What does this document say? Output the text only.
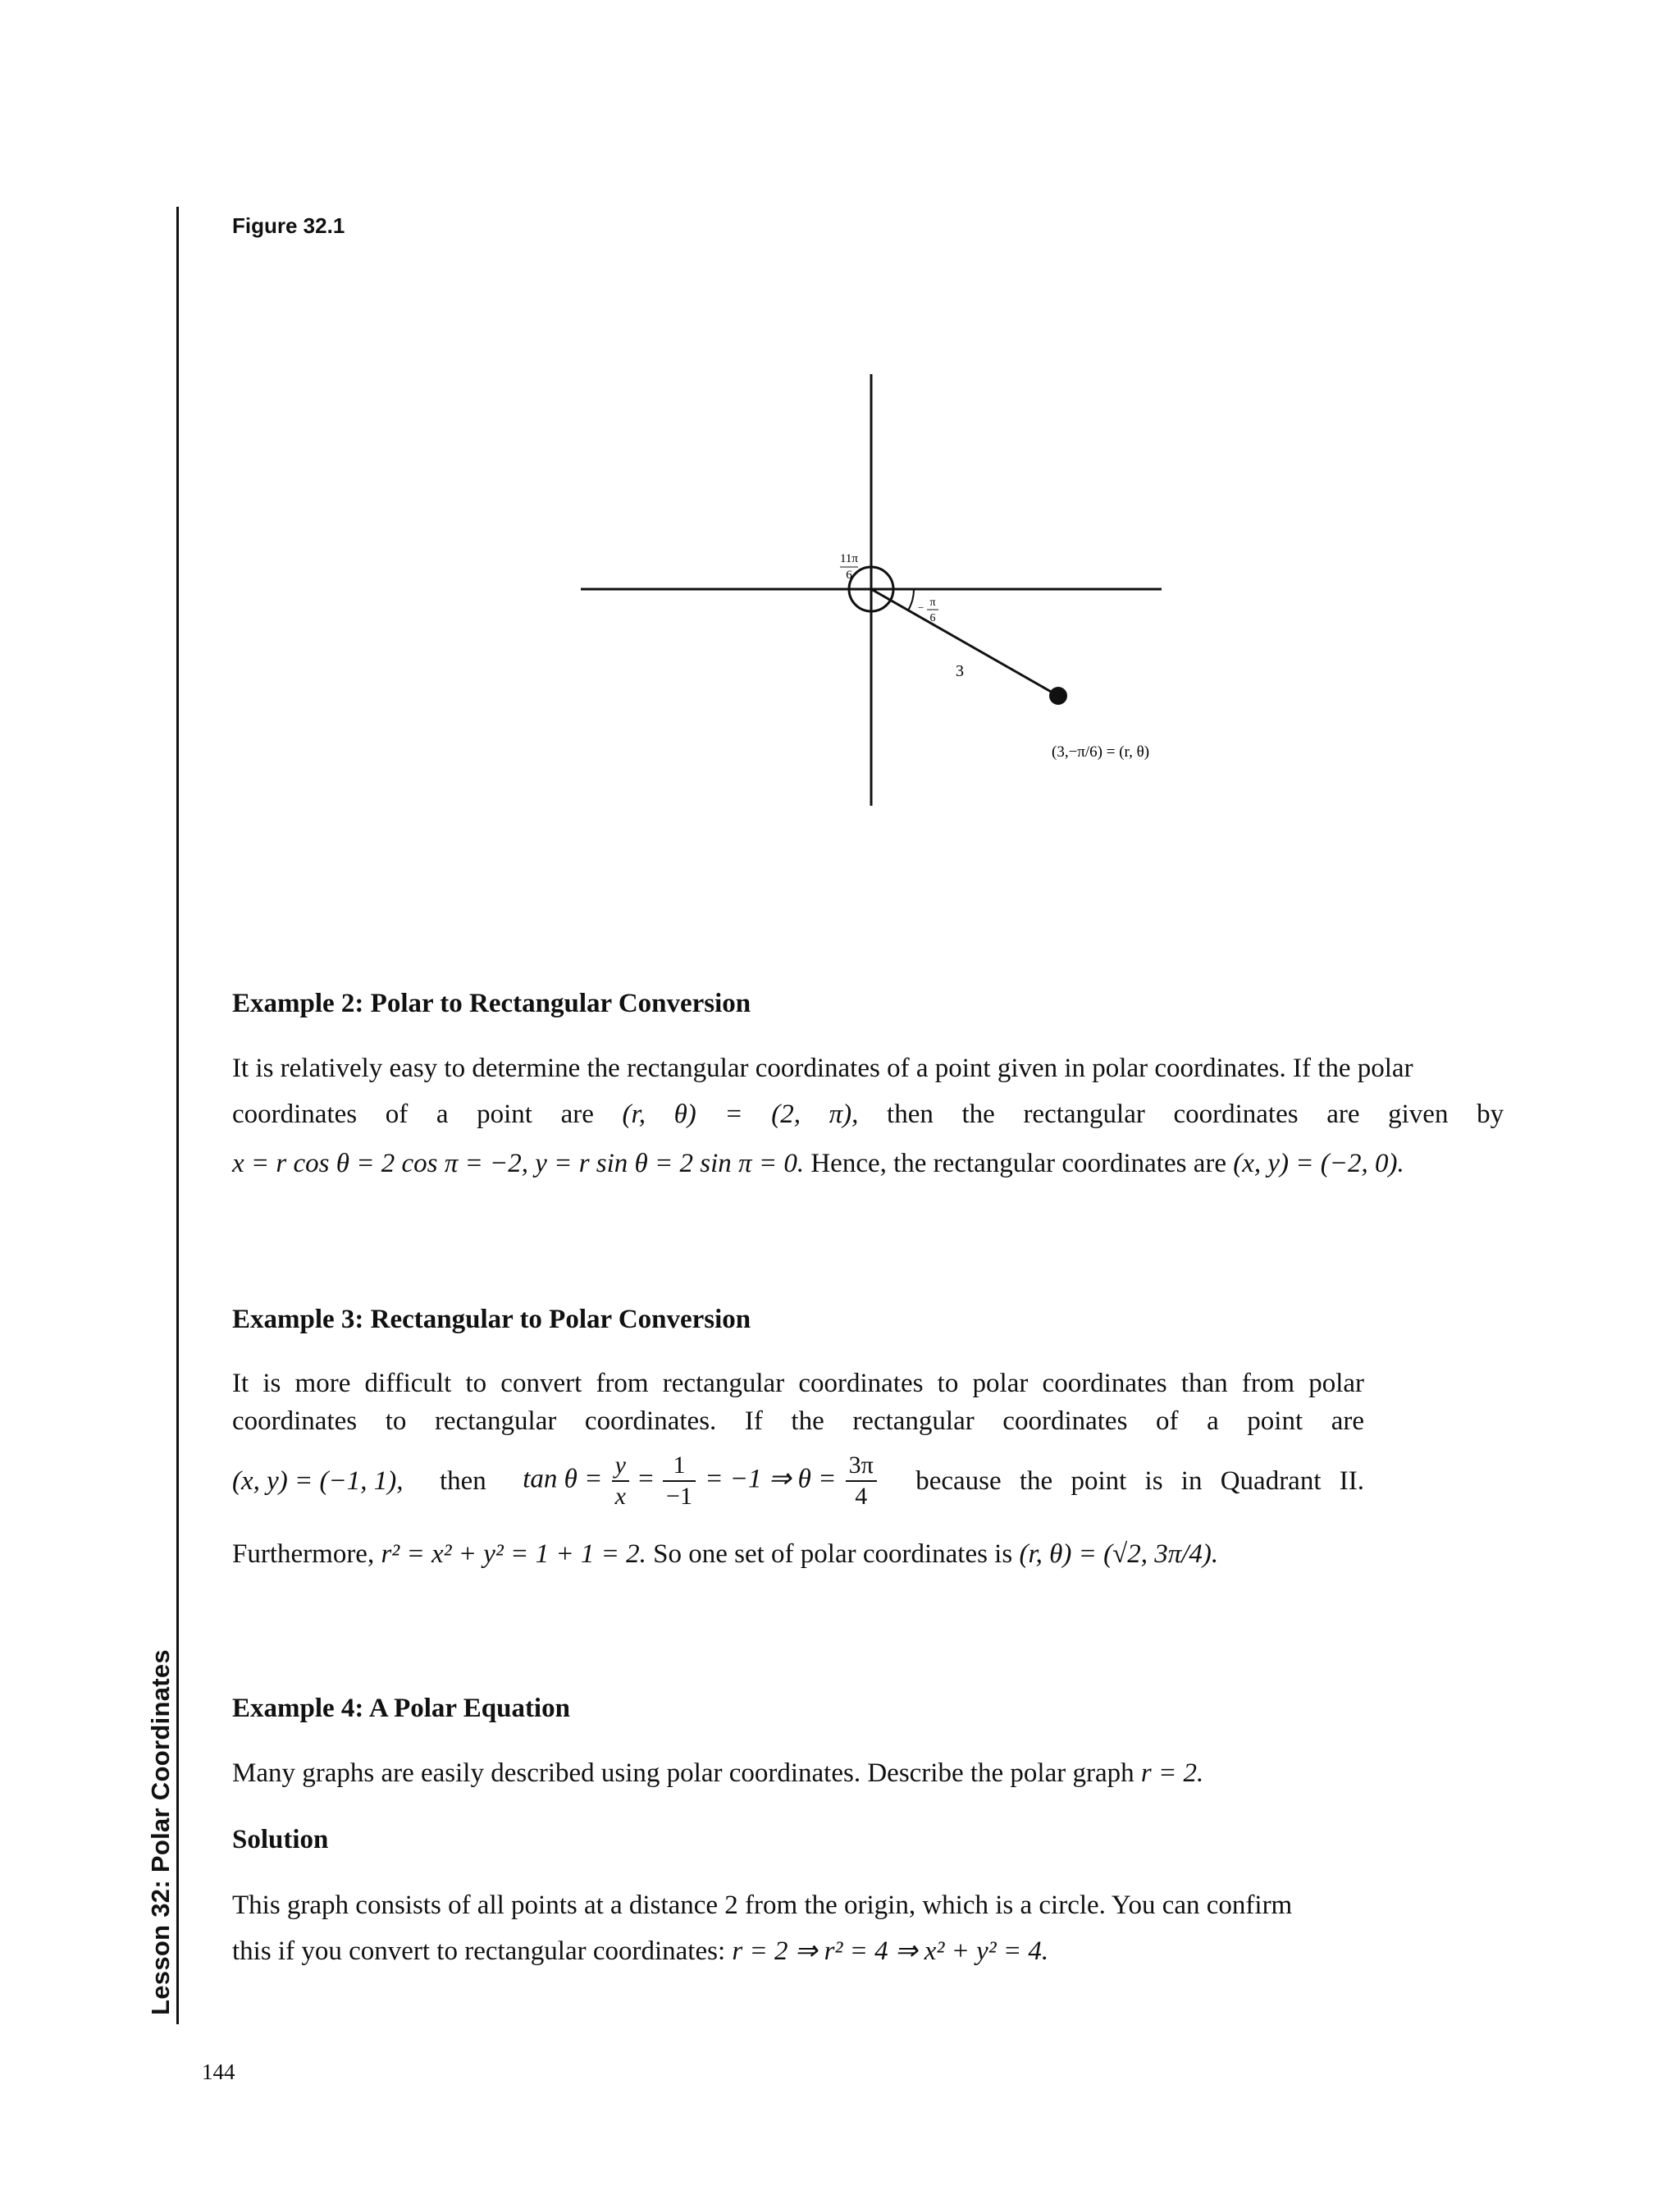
Lesson 32: Polar Coordinates
Figure 32.1
11π
6
− π
6
3
(3,−π/6) = (r, θ)
Example 2: Polar to Rectangular Conversion
It is relatively easy to determine the rectangular coordinates of a point given in polar coordinates. If the polar
coordinates of a point are (r, θ) = (2, π), then the rectangular coordinates are given by
x = r cos θ = 2 cos π = −2, y = r sin θ = 2 sin π = 0. Hence, the rectangular coordinates are (x, y) = (−2, 0).
Example 3: Rectangular to Polar Conversion
It is more difficult to convert from rectangular coordinates to polar coordinates than from polar
coordinates to rectangular coordinates. If the rectangular coordinates of a point are
(x, y) = (−1, 1), then $\tan \theta = \frac{y}{x} = \frac{1}{-1} = -1$ ⇒ $\theta = \frac{3\pi}{4}$ because the point is in Quadrant II.
Furthermore, r² = x² + y² = 1 + 1 = 2. So one set of polar coordinates is (r, θ) = (√2, 3π/4).
Example 4: A Polar Equation
Many graphs are easily described using polar coordinates. Describe the polar graph r = 2.
Solution
This graph consists of all points at a distance 2 from the origin, which is a circle. You can confirm
this if you convert to rectangular coordinates: r = 2 ⇒ r² = 4 ⇒ x² + y² = 4.
144
